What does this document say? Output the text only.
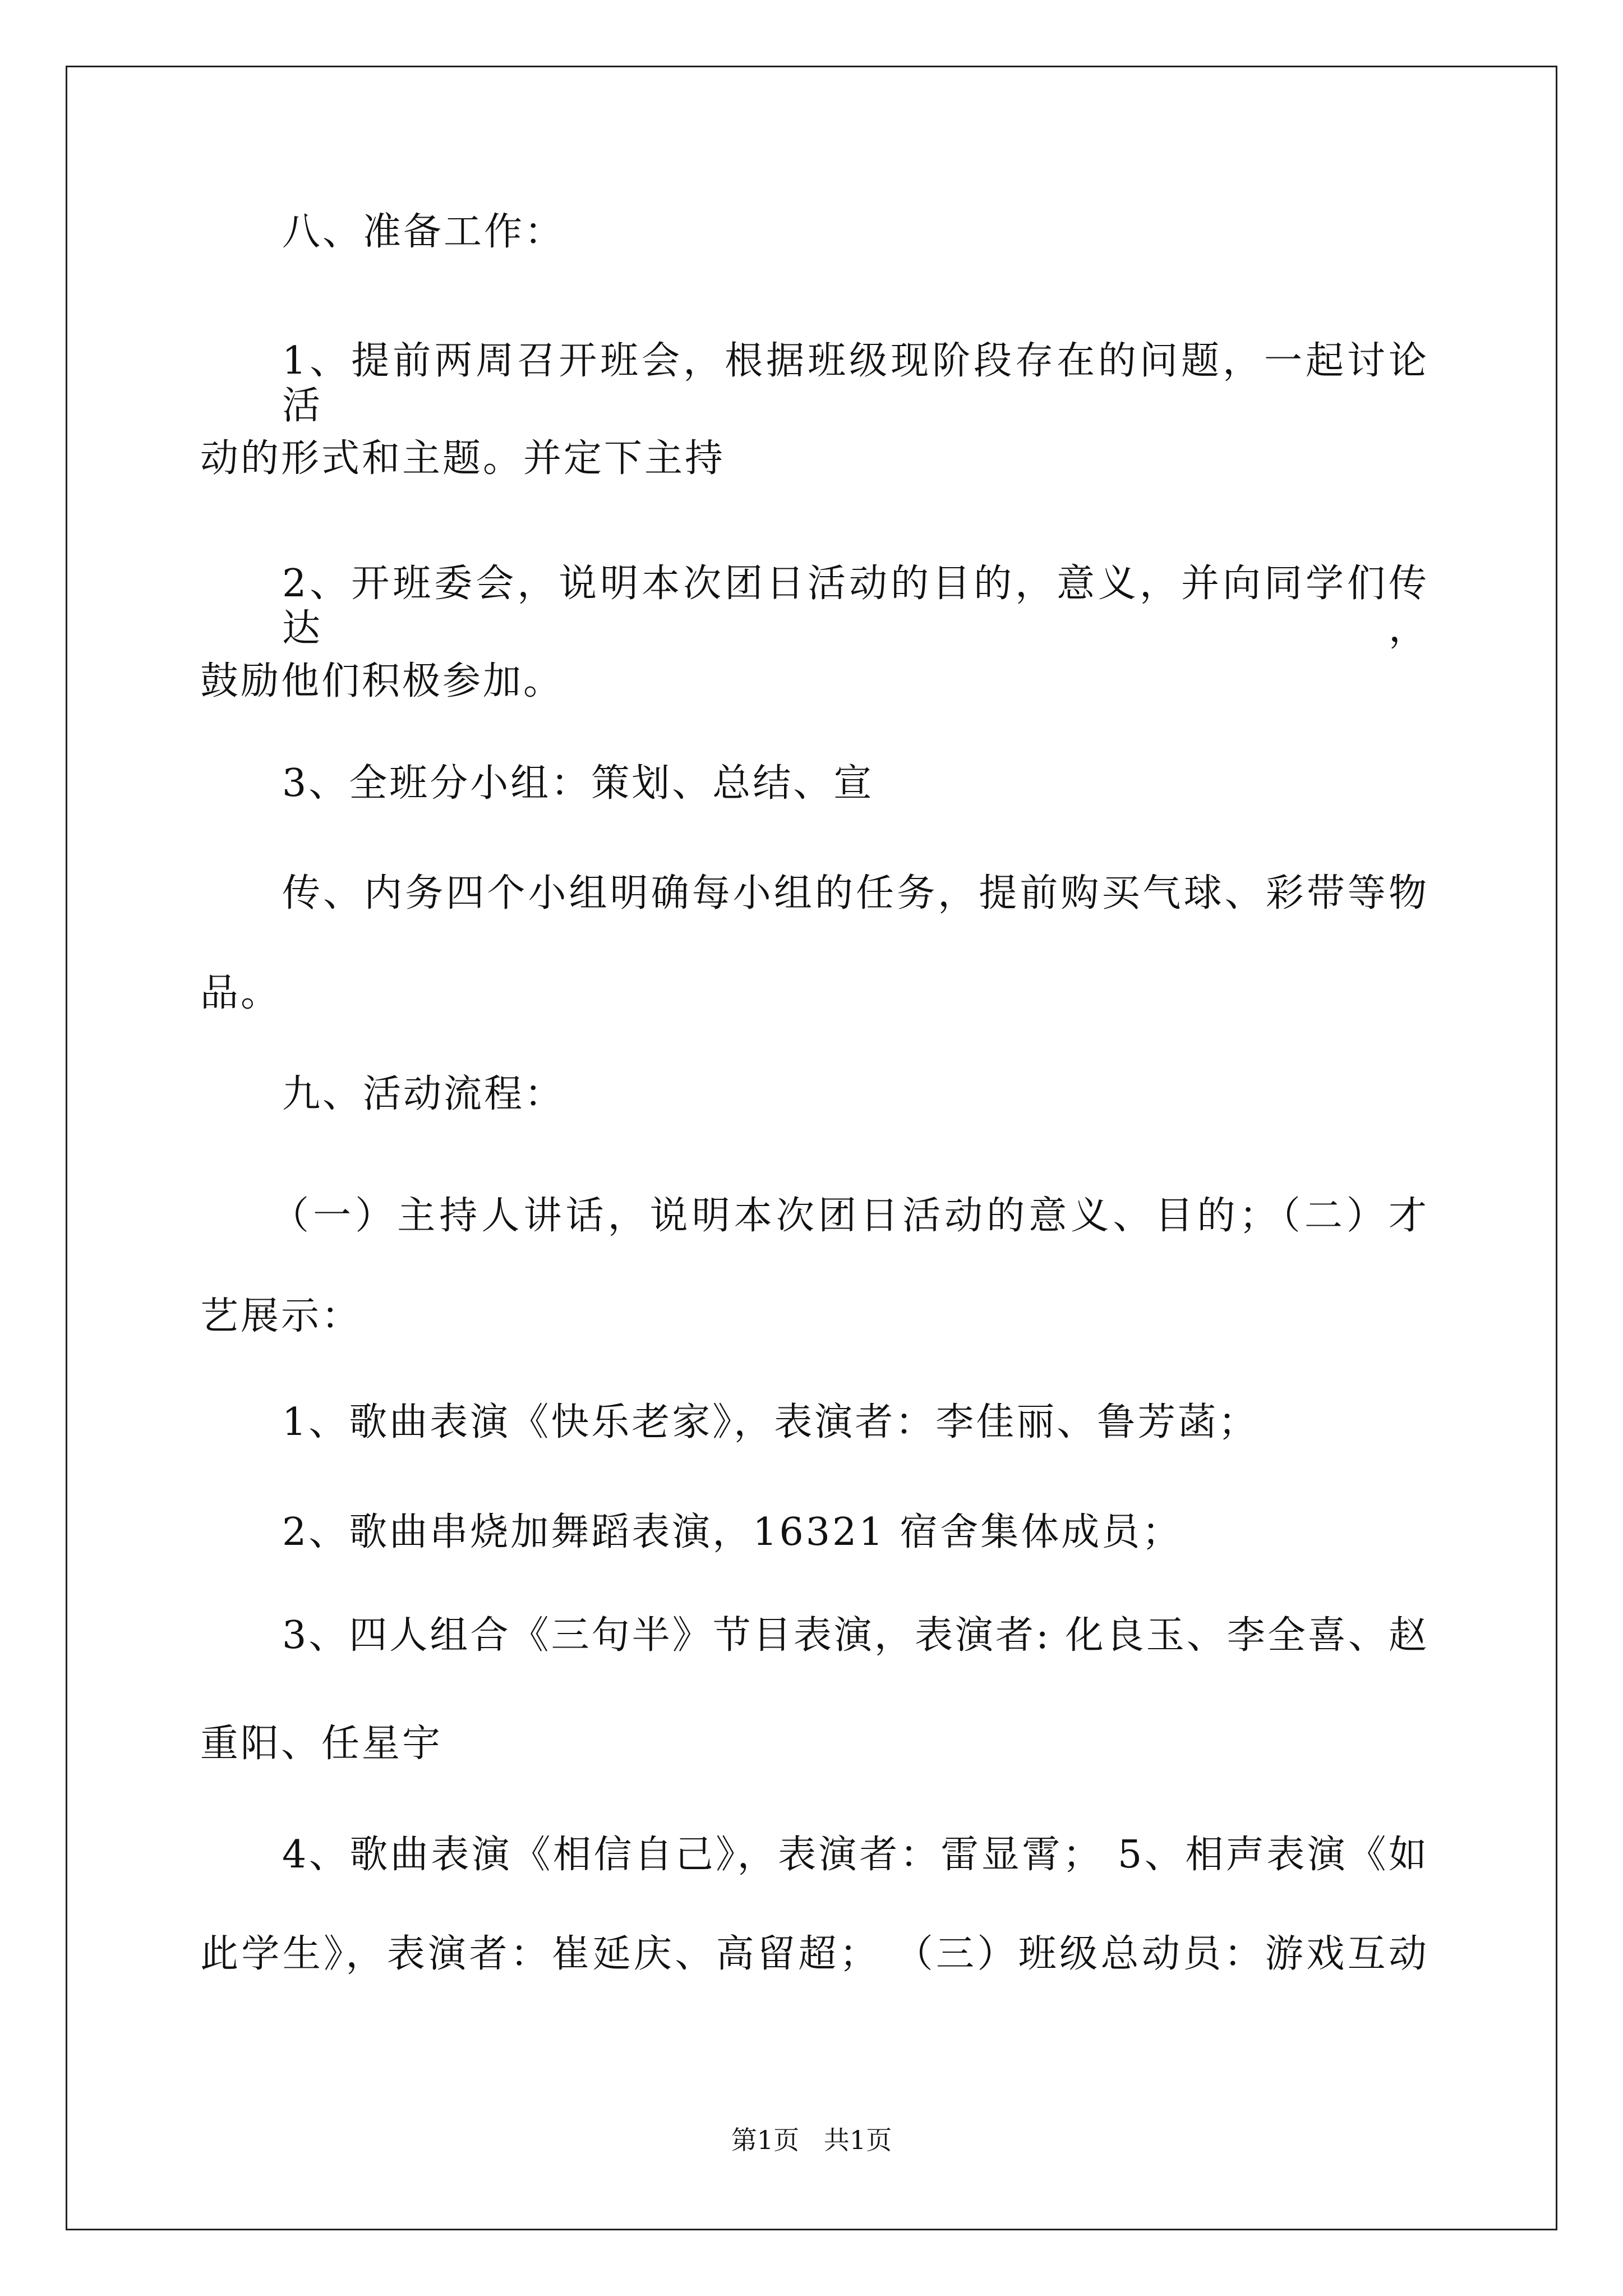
八、准备工作：

1、提前两周召开班会，根据班级现阶段存在的问题，一起讨论活

动的形式和主题。并定下主持

2、开班委会，说明本次团日活动的目的，意义，并向同学们传达，

鼓励他们积极参加。

3、全班分小组：策划、总结、宣

传、内务四个小组明确每小组的任务，提前购买气球、彩带等物

品。

九、活动流程：

（一）主持人讲话，说明本次团日活动的意义、目的；（二）才

艺展示：

1、歌曲表演《快乐老家》，表演者：李佳丽、鲁芳菡；

2、歌曲串烧加舞蹈表演，16321 宿舍集体成员；

3、四人组合《三句半》节目表演，表演者: 化良玉、李全喜、赵

重阳、任星宇

4、歌曲表演《相信自己》，表演者：雷显霄； 5、相声表演《如

此学生》，表演者：崔延庆、高留超； （三）班级总动员：游戏互动

第1页   共1页
